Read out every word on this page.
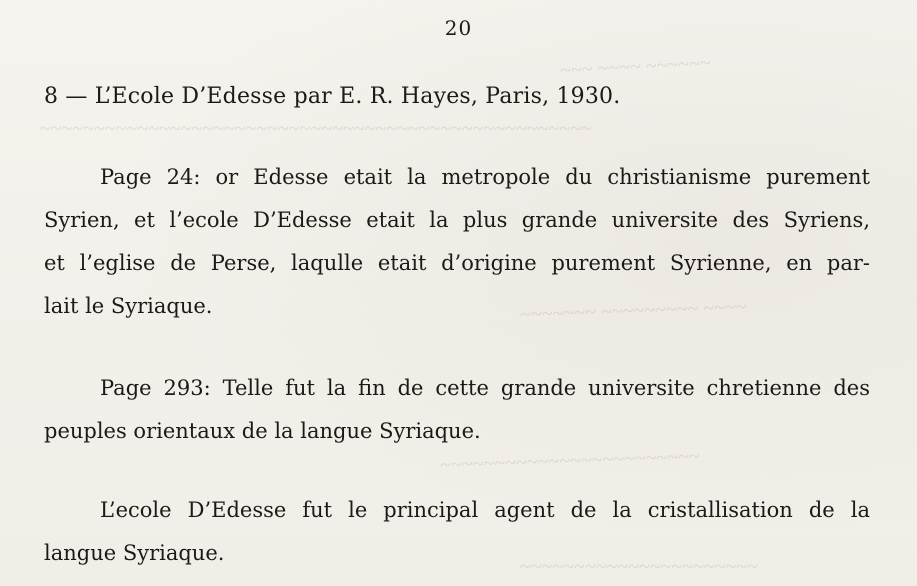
~~~ ~~~~ ~~~~~~
~~~~~~~~~~~~~~~~~~~~~~~~~~~~~~~~~~~~~~~~~~~~~~~~~~~
~~~~~~~ ~~~~~~~~~ ~~~~
~~~~~~~~~~~~~~~~~~~~~~~~
~~~~~~~~~~~~~~~~~~~~~~
20
8 — L’Ecole D’Edesse par E. R. Hayes, Paris, 1930.
Page 24: or Edesse etait la metropole du christianisme purement
Syrien, et l’ecole D’Edesse etait la plus grande universite des Syriens,
et l’eglise de Perse, laqulle etait d’origine purement Syrienne, en par-
lait le Syriaque.
Page 293: Telle fut la fin de cette grande universite chretienne des
peuples orientaux de la langue Syriaque.
L’ecole D’Edesse fut le principal agent de la cristallisation de la
langue Syriaque.
